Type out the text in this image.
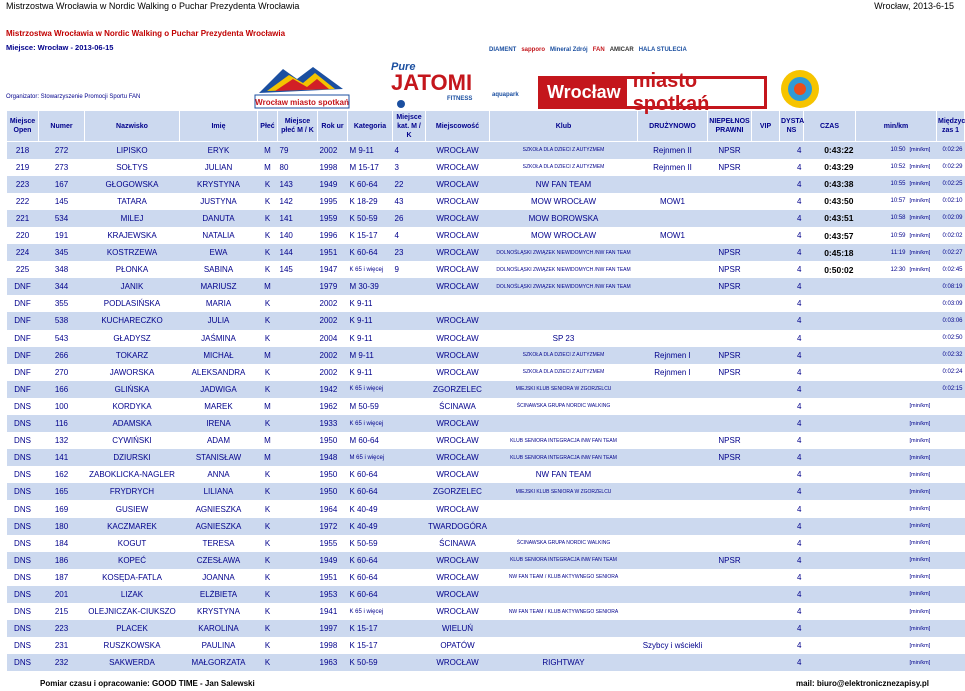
Mistrzostwa Wrocławia w Nordic Walking o Puchar Prezydenta Wrocławia	Wrocław, 2013-6-15
Mistrzostwa Wrocławia w Nordic Walking o Puchar Prezydenta Wrocławia
Miejsce: Wrocław - 2013-06-15
Organizator: Stowarzyszenie Promocji Sportu FAN
Wrocław miasto spotkań
Pure
JATOMI
FITNESS
DIAMENT sapporo Mineral Zdrój FAN AMICAR HALA STULECIA
aquapark	Wrocław
miasto spotkań
Miejsce Open	Numer	Nazwisko	Imię	Płeć	Miejsce płeć M / K	Rok ur	Kategoria	Miejsce kat. M / K	Miejscowość	Klub	DRUŻYNOWO	NIEPEŁNOS PRAWNI	VIP	DYSTA NS	CZAS	min/km		Międzyc zas 1	
218	272	LIPISKO	ERYK	M	79	2002	M 9-11	4	WROCŁAW	SZKOŁA DLA DZIECI Z AUTYZMEM	Rejnmen II	NPSR		4	0:43:22	10:50	[min/km]	0:02:26	
219	273	SOŁTYS	JULIAN	M	80	1998	M 15-17	3	WROCŁAW	SZKOŁA DLA DZIECI Z AUTYZMEM	Rejnmen II	NPSR		4	0:43:29	10:52	[min/km]	0:02:29	
223	167	GŁOGOWSKA	KRYSTYNA	K	143	1949	K 60-64	22	WROCŁAW	NW FAN TEAM				4	0:43:38	10:55	[min/km]	0:02:25	
222	145	TATARA	JUSTYNA	K	142	1995	K 18-29	43	WROCŁAW	MOW WROCŁAW	MOW1			4	0:43:50	10:57	[min/km]	0:02:10	
221	534	MILEJ	DANUTA	K	141	1959	K 50-59	26	WROCŁAW	MOW BOROWSKA				4	0:43:51	10:58	[min/km]	0:02:09	
220	191	KRAJEWSKA	NATALIA	K	140	1996	K 15-17	4	WROCŁAW	MOW WROCŁAW	MOW1			4	0:43:57	10:59	[min/km]	0:02:02	
224	345	KOSTRZEWA	EWA	K	144	1951	K 60-64	23	WROCŁAW	DOLNOŚLĄSKI ZWIĄZEK NIEWIDOMYCH /NW FAN TEAM		NPSR		4	0:45:18	11:19	[min/km]	0:02:27	
225	348	PŁONKA	SABINA	K	145	1947	K 65 i więcej	9	WROCŁAW	DOLNOŚLĄSKI ZWIĄZEK NIEWIDOMYCH /NW FAN TEAM		NPSR		4	0:50:02	12:30	[min/km]	0:02:45	
DNF	344	JANIK	MARIUSZ	M		1979	M 30-39		WROCŁAW	DOLNOŚLĄSKI ZWIĄZEK NIEWIDOMYCH /NW FAN TEAM		NPSR		4				0:08:19	
DNF	355	PODLASIŃSKA	MARIA	K		2002	K 9-11							4				0:03:09	
DNF	538	KUCHARECZKO	JULIA	K		2002	K 9-11		WROCŁAW					4				0:03:06	
DNF	543	GŁADYSZ	JAŚMINA	K		2004	K 9-11		WROCŁAW	SP 23				4				0:02:50	
DNF	266	TOKARZ	MICHAŁ	M		2002	M 9-11		WROCŁAW	SZKOŁA DLA DZIECI Z AUTYZMEM	Rejnmen I	NPSR		4				0:02:32	
DNF	270	JAWORSKA	ALEKSANDRA	K		2002	K 9-11		WROCŁAW	SZKOŁA DLA DZIECI Z AUTYZMEM	Rejnmen I	NPSR		4				0:02:24	
DNF	166	GLIŃSKA	JADWIGA	K		1942	K 65 i więcej		ZGORZELEC	MIEJSKI KLUB SENIORA W ZGORZELCU				4				0:02:15	
DNS	100	KORDYKA	MAREK	M		1962	M 50-59		ŚCINAWA	ŚCINAWSKA GRUPA NORDIC WALKING				4			[min/km]		
DNS	116	ADAMSKA	IRENA	K		1933	K 65 i więcej		WROCŁAW					4			[min/km]		
DNS	132	CYWIŃSKI	ADAM	M		1950	M 60-64		WROCŁAW	KLUB SENIORA INTEGRACJA /NW FAN TEAM		NPSR		4			[min/km]		
DNS	141	DZIURSKI	STANISŁAW	M		1948	M 65 i więcej		WROCŁAW	KLUB SENIORA INTEGRACJA /NW FAN TEAM		NPSR		4			[min/km]		
DNS	162	ZABOKLICKA-NAGLER	ANNA	K		1950	K 60-64		WROCŁAW	NW FAN TEAM				4			[min/km]		
DNS	165	FRYDRYCH	LILIANA	K		1950	K 60-64		ZGORZELEC	MIEJSKI KLUB SENIORA W ZGORZELCU				4			[min/km]		
DNS	169	GUSIEW	AGNIESZKA	K		1964	K 40-49		WROCŁAW					4			[min/km]		
DNS	180	KACZMAREK	AGNIESZKA	K		1972	K 40-49		TWARDOGÓRA					4			[min/km]		
DNS	184	KOGUT	TERESA	K		1955	K 50-59		ŚCINAWA	ŚCINAWSKA GRUPA NORDIC WALKING				4			[min/km]		
DNS	186	KOPEĆ	CZESŁAWA	K		1949	K 60-64		WROCŁAW	KLUB SENIORA INTEGRACJA /NW FAN TEAM		NPSR		4			[min/km]		
DNS	187	KOSĘDA-FATLA	JOANNA	K		1951	K 60-64		WROCŁAW	NW FAN TEAM / KLUB AKTYWNEGO SENIORA				4			[min/km]		
DNS	201	LIZAK	ELŻBIETA	K		1953	K 60-64		WROCŁAW					4			[min/km]		
DNS	215	OLEJNICZAK-CIUKSZO	KRYSTYNA	K		1941	K 65 i więcej		WROCŁAW	NW FAN TEAM / KLUB AKTYWNEGO SENIORA				4			[min/km]		
DNS	223	PLACEK	KAROLINA	K		1997	K 15-17		WIELUŃ					4			[min/km]		
DNS	231	RUSZKOWSKA	PAULINA	K		1998	K 15-17		OPATÓW		Szybcy i wściekli			4			[min/km]		
DNS	232	SAKWERDA	MAŁGORZATA	K		1963	K 50-59		WROCŁAW	RIGHTWAY				4			[min/km]		
Pomiar czasu i opracowanie: GOOD TIME - Jan Salewski	mail: biuro@elektronicznezapisy.pl
